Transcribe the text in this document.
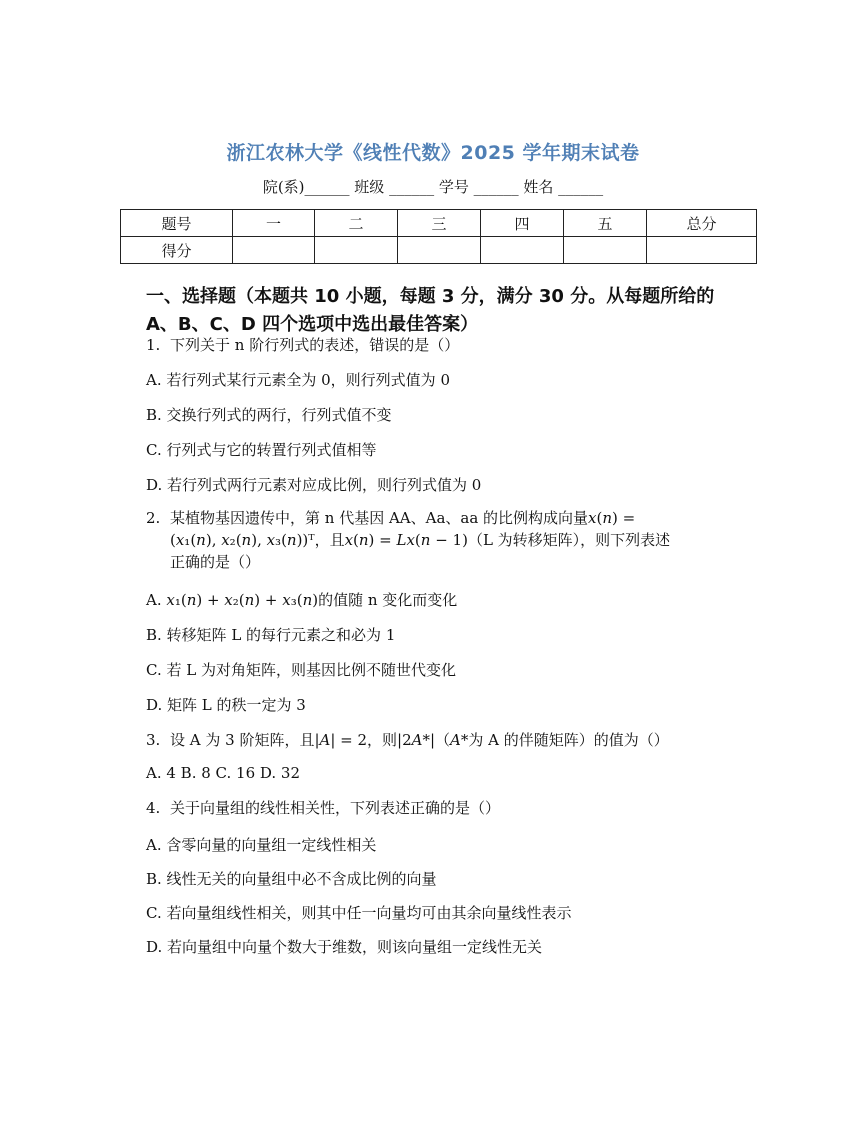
浙江农林大学《线性代数》2025 学年期末试卷
院(系)______ 班级 ______ 学号 ______ 姓名 ______
题号	一	二	三	四	五	总分
得分						
一、选择题（本题共 10 小题，每题 3 分，满分 30 分。从每题所给的 A、B、C、D 四个选项中选出最佳答案）
1. 下列关于 n 阶行列式的表述，错误的是（）
A. 若行列式某行元素全为 0，则行列式值为 0
B. 交换行列式的两行，行列式值不变
C. 行列式与它的转置行列式值相等
D. 若行列式两行元素对应成比例，则行列式值为 0
2. 某植物基因遗传中，第 n 代基因 AA、Aa、aa 的比例构成向量𝑥(𝑛) =
(𝑥₁(𝑛), 𝑥₂(𝑛), 𝑥₃(𝑛))ᵀ，且𝑥(𝑛) = 𝐿𝑥(𝑛 − 1)（L 为转移矩阵），则下列表述
正确的是（）
A. 𝑥₁(𝑛) + 𝑥₂(𝑛) + 𝑥₃(𝑛)的值随 n 变化而变化
B. 转移矩阵 L 的每行元素之和必为 1
C. 若 L 为对角矩阵，则基因比例不随世代变化
D. 矩阵 L 的秩一定为 3
3. 设 A 为 3 阶矩阵，且|𝐴| = 2，则|2𝐴*|（𝐴*为 A 的伴随矩阵）的值为（）
A. 4 B. 8 C. 16 D. 32
4. 关于向量组的线性相关性，下列表述正确的是（）
A. 含零向量的向量组一定线性相关
B. 线性无关的向量组中必不含成比例的向量
C. 若向量组线性相关，则其中任一向量均可由其余向量线性表示
D. 若向量组中向量个数大于维数，则该向量组一定线性无关
